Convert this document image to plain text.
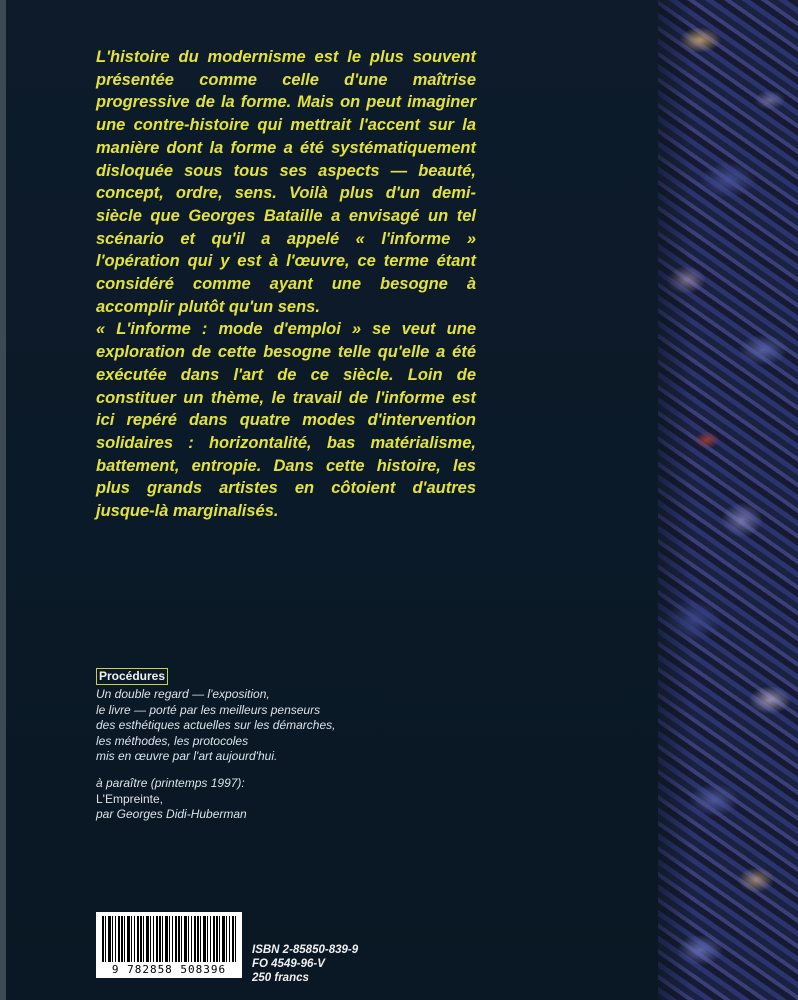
L'histoire du modernisme est le plus souvent présentée comme celle d'une maîtrise progressive de la forme. Mais on peut imaginer une contre-histoire qui mettrait l'accent sur la manière dont la forme a été systématiquement disloquée sous tous ses aspects — beauté, concept, ordre, sens. Voilà plus d'un demi-siècle que Georges Bataille a envisagé un tel scénario et qu'il a appelé « l'informe » l'opération qui y est à l'œuvre, ce terme étant considéré comme ayant une besogne à accomplir plutôt qu'un sens.

« L'informe : mode d'emploi » se veut une exploration de cette besogne telle qu'elle a été exécutée dans l'art de ce siècle. Loin de constituer un thème, le travail de l'informe est ici repéré dans quatre modes d'intervention solidaires : horizontalité, bas matérialisme, battement, entropie. Dans cette histoire, les plus grands artistes en côtoient d'autres jusque-là marginalisés.

Procédures
Un double regard — l'exposition,
le livre — porté par les meilleurs penseurs
des esthétiques actuelles sur les démarches,
les méthodes, les protocoles
mis en œuvre par l'art aujourd'hui.
à paraître (printemps 1997):
L'Empreinte,
par Georges Didi-Huberman
9 782858 508396
ISBN 2-85850-839-9
FO 4549-96-V
250 francs
